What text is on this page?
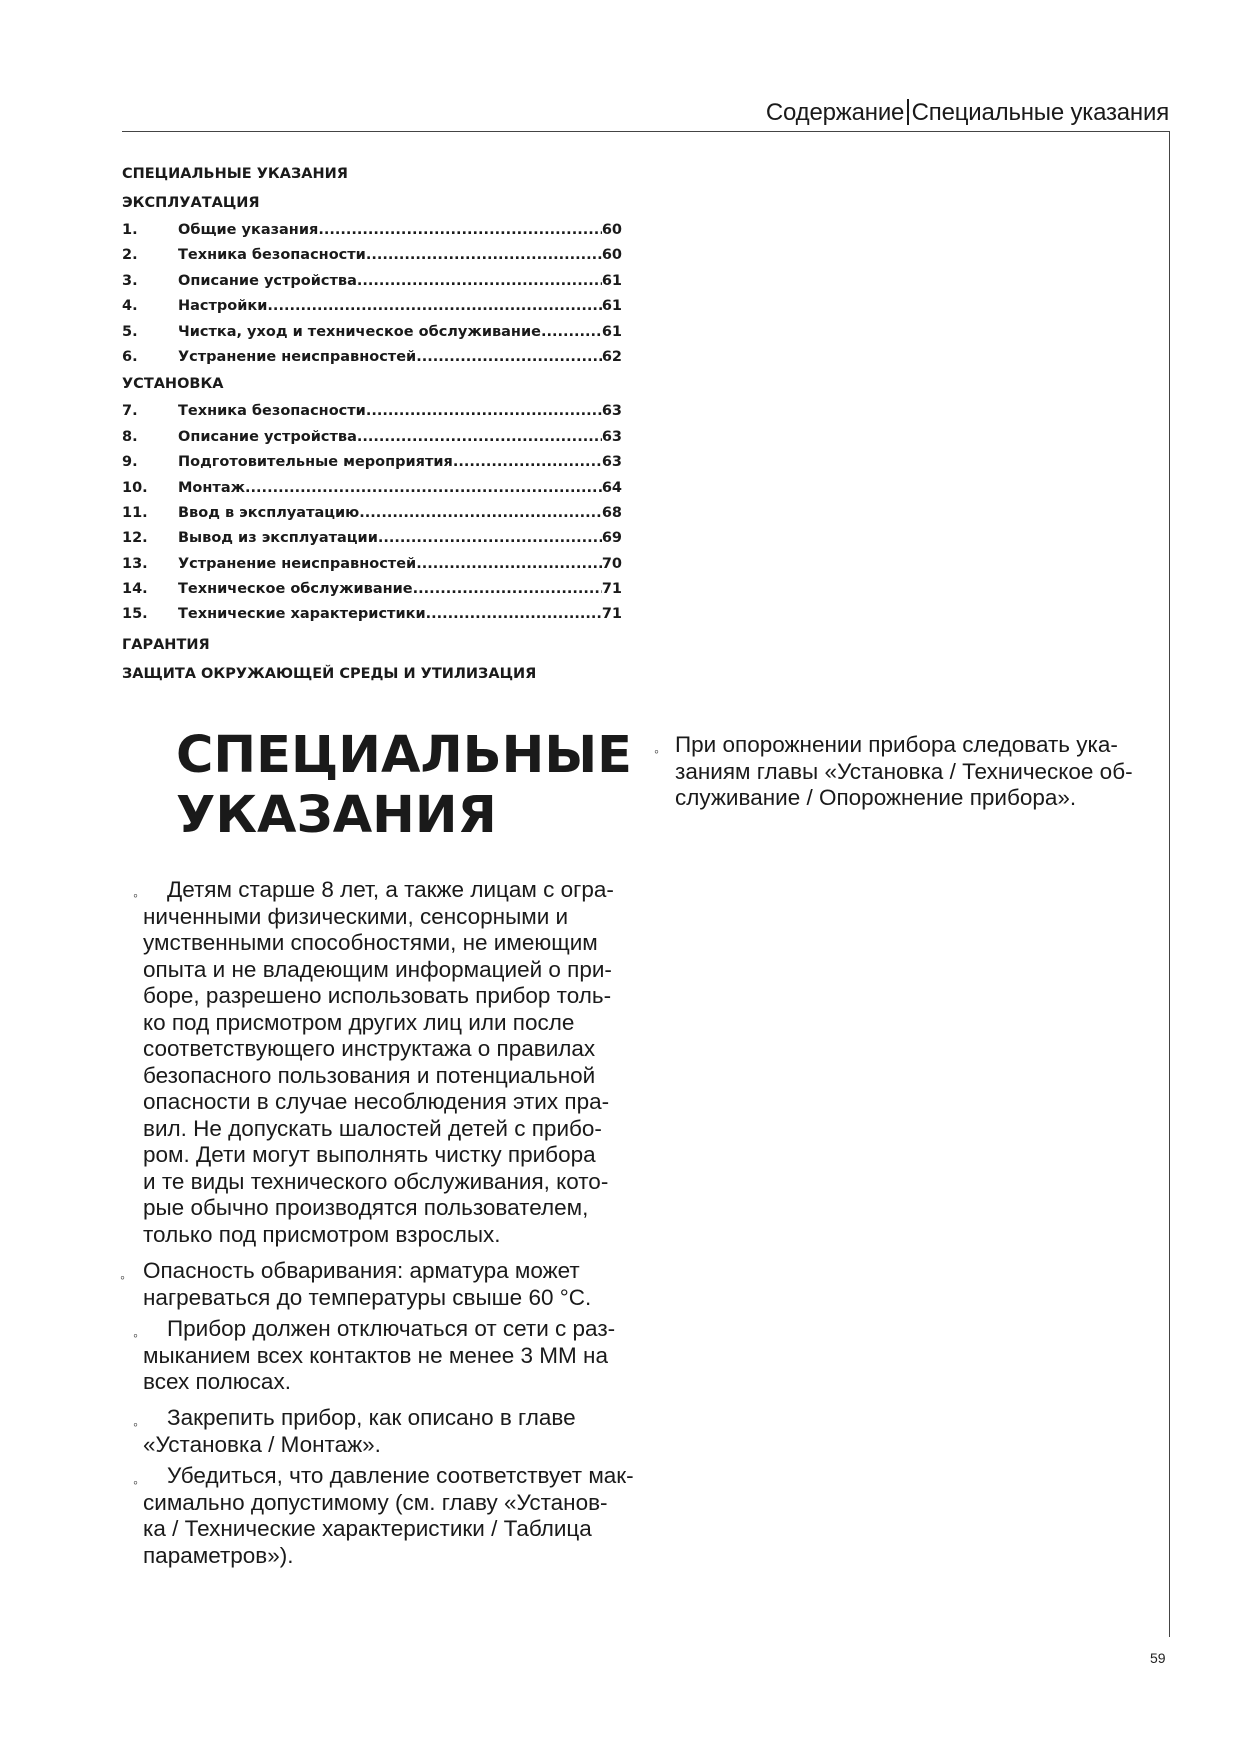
Содержание Специальные указания
СПЕЦИАЛЬНЫЕ УКАЗАНИЯ
ЭКСПЛУАТАЦИЯ
1.	Общие указания .....	60
2.	Техника безопасности .....	60
3.	Описание устройства .....	61
4.	Настройки .....	61
5.	Чистка, уход и техническое обслуживание .....	61
6.	Устранение неисправностей .....	62
УСТАНОВКА
7.	Техника безопасности .....	63
8.	Описание устройства .....	63
9.	Подготовительные мероприятия .....	63
10.	Монтаж .....	64
11.	Ввод в эксплуатацию .....	68
12.	Вывод из эксплуатации .....	69
13.	Устранение неисправностей .....	70
14.	Техническое обслуживание .....	71
15.	Технические характеристики .....	71
ГАРАНТИЯ
ЗАЩИТА ОКРУЖАЮЩЕЙ СРЕДЫ И УТИЛИЗАЦИЯ
СПЕЦИАЛЬНЫЕ
УКАЗАНИЯ
◦	Детям старше 8 лет, а также лицам с огра-
ниченными физическими, сенсорными и
умственными способностями, не имеющим
опыта и не владеющим информацией о при-
боре, разрешено использовать прибор толь-
ко под присмотром других лиц или после
соответствующего инструктажа о правилах
безопасного пользования и потенциальной
опасности в случае несоблюдения этих пра-
вил. Не допускать шалостей детей с прибо-
ром. Дети могут выполнять чистку прибора
и те виды технического обслуживания, кото-
рые обычно производятся пользователем,
только под присмотром взрослых.
◦ Опасность обваривания: арматура может
нагреваться до температуры свыше 60 °C.
◦	Прибор должен отключаться от сети с раз-
мыканием всех контактов не менее 3 ММ на
всех полюсах.
◦	Закрепить прибор, как описано в главе
«Установка / Монтаж».
◦	Убедиться, что давление соответствует мак-
симально допустимому (см. главу «Установ-
ка / Технические характеристики / Таблица
параметров»).
◦ При опорожнении прибора следовать ука-
заниям главы «Установка / Техническое об-
служивание / Опорожнение прибора».
59
